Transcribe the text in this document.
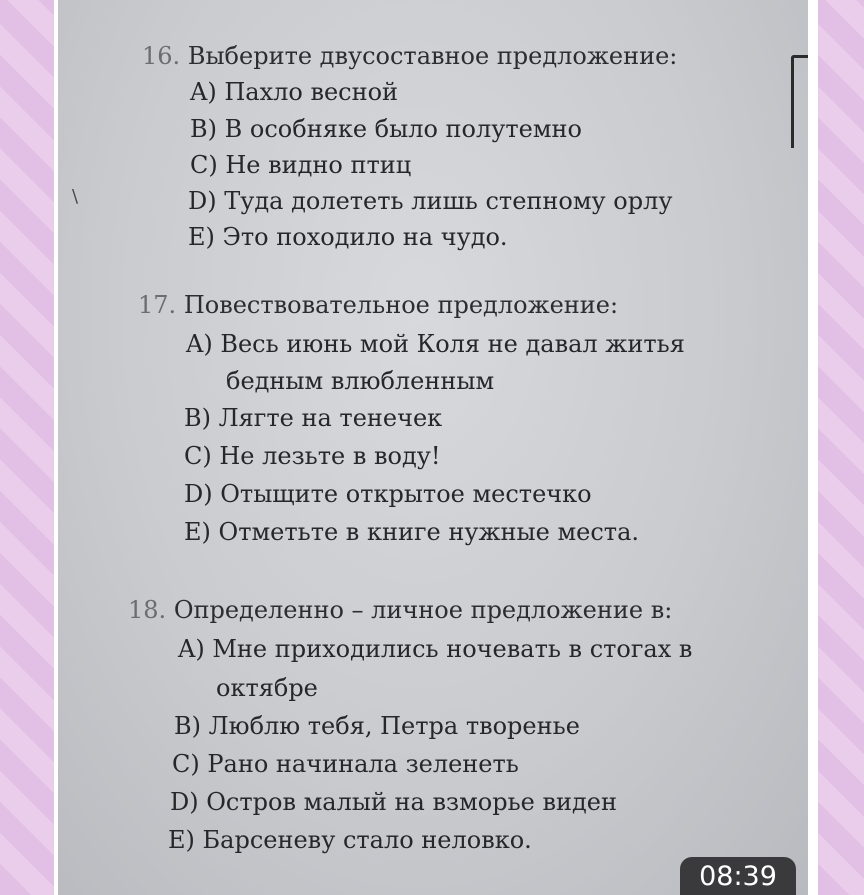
\
16. Выберите двусоставное предложение:
A) Пахло весной
B) В особняке было полутемно
C) Не видно птиц
D) Туда долететь лишь степному орлу
E) Это походило на чудо.
17. Повествовательное предложение:
A) Весь июнь мой Коля не давал житья
бедным влюбленным
B) Лягте на тенечек
C) Не лезьте в воду!
D) Отыщите открытое местечко
E) Отметьте в книге нужные места.
18. Определенно – личное предложение в:
A) Мне приходились ночевать в стогах в
октябре
B) Люблю тебя, Петра творенье
C) Рано начинала зеленеть
D) Остров малый на взморье виден
E) Барсеневу стало неловко.
08:39
